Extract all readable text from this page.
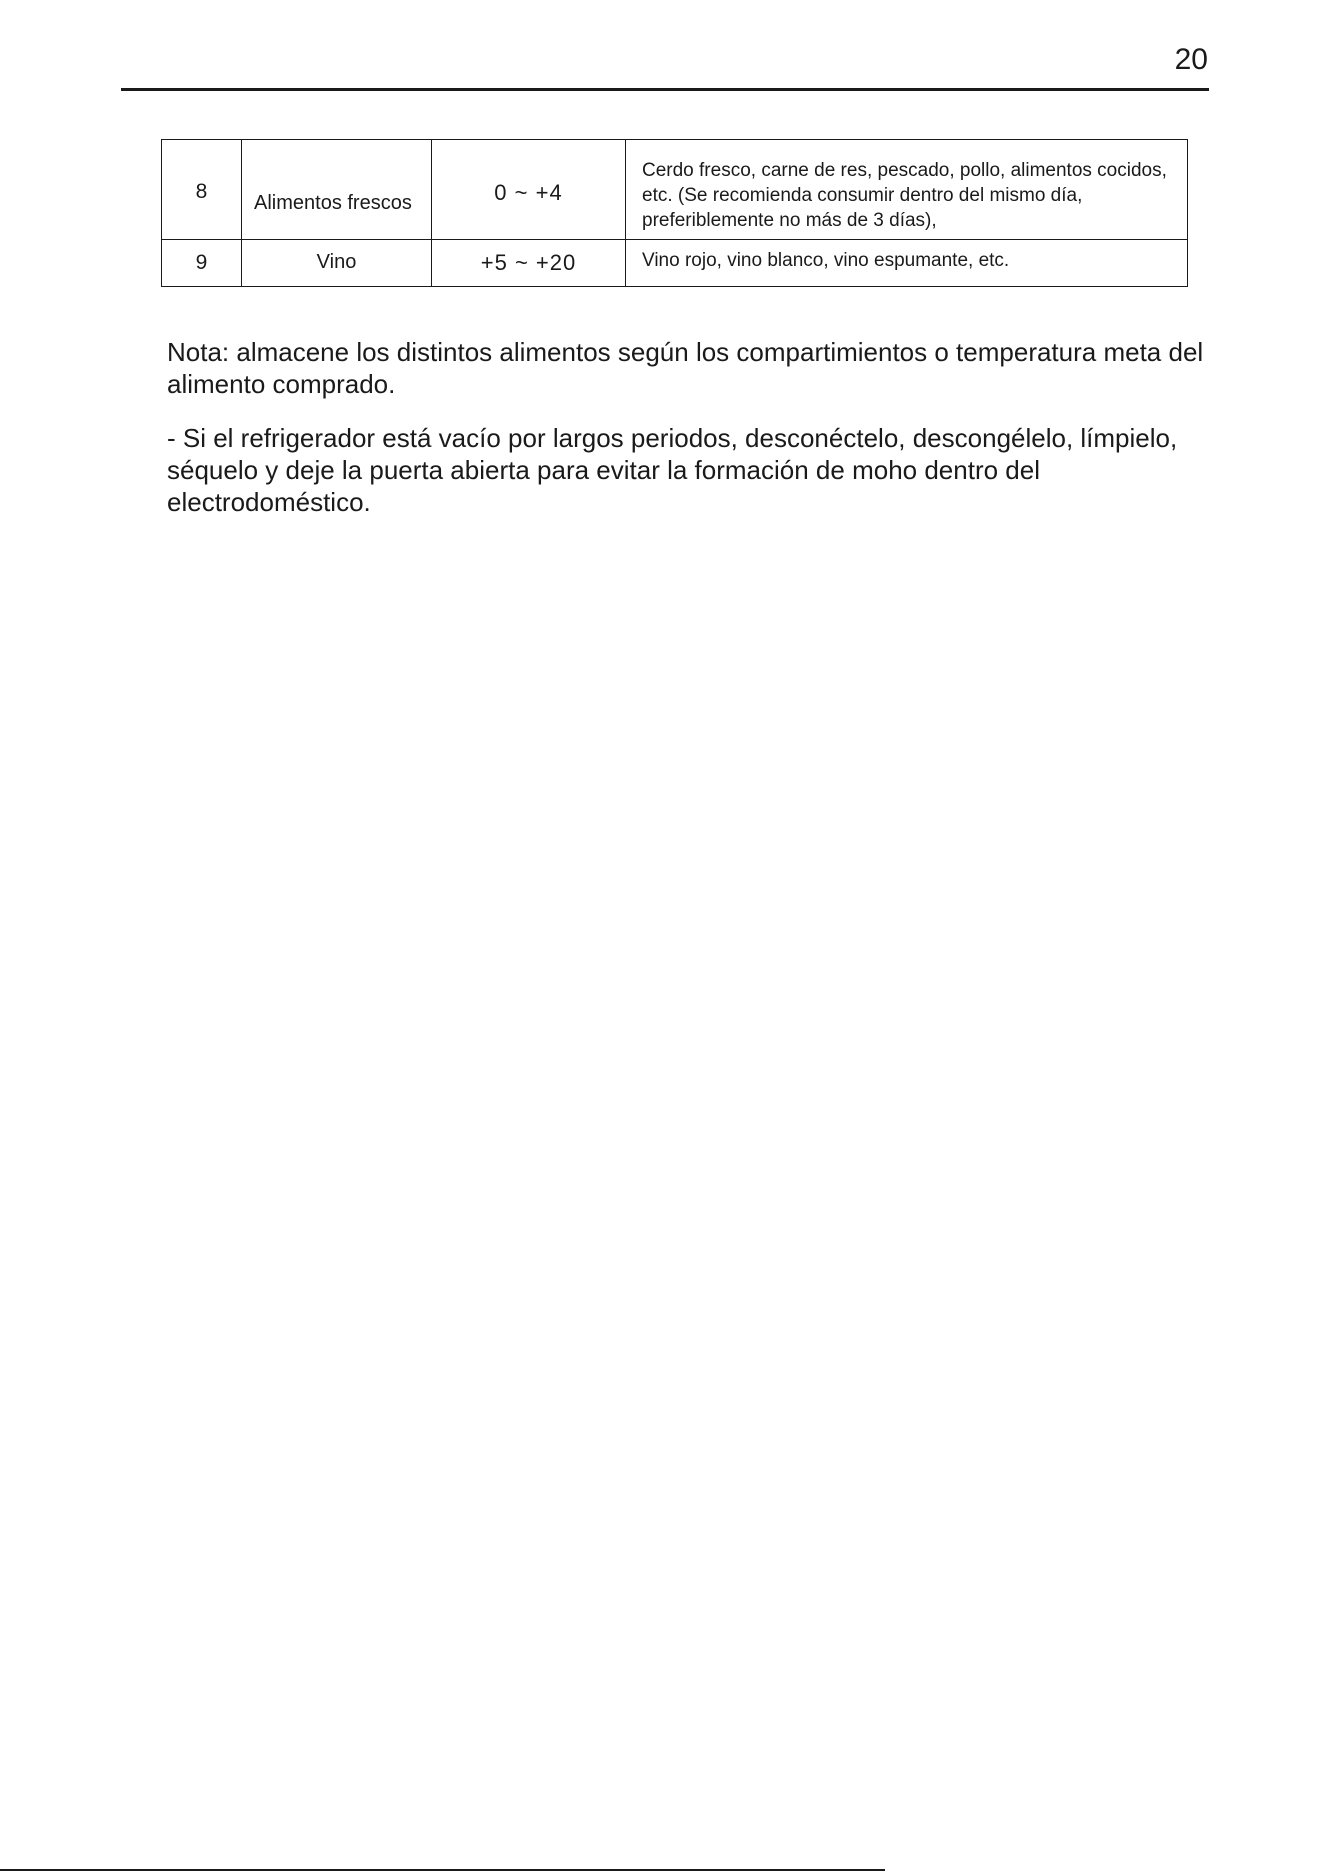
20
8	Alimentos frescos	0 ~ +4	Cerdo fresco, carne de res, pescado, pollo, alimentos cocidos, etc. (Se recomienda consumir dentro del mismo día, preferiblemente no más de 3 días),
9	Vino	+5 ~ +20	Vino rojo, vino blanco, vino espumante, etc.

Nota: almacene los distintos alimentos según los compartimientos o temperatura meta del alimento comprado.

- Si el refrigerador está vacío por largos periodos, desconéctelo, descongélelo, límpielo, séquelo y deje la puerta abierta para evitar la formación de moho dentro del electrodoméstico.
